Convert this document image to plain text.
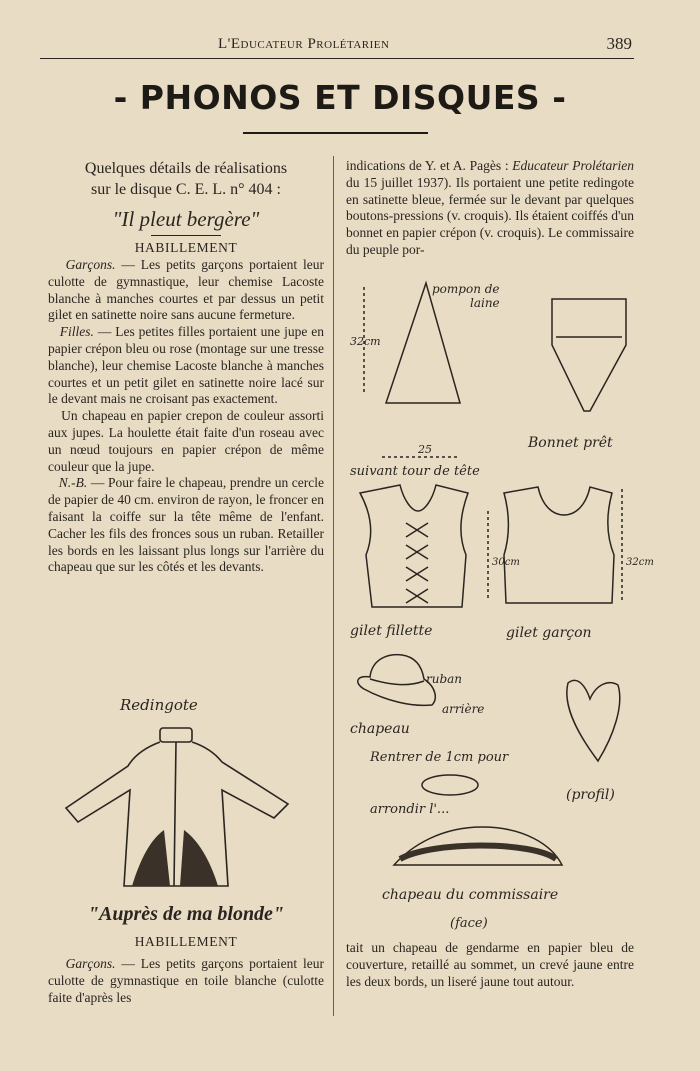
L'Educateur Prolétarien	389
- PHONOS ET DISQUES -

Quelques détails de réalisations
sur le disque C. E. L. n° 404 :

"Il pleut bergère"

HABILLEMENT

Garçons. — Les petits garçons portaient leur culotte de gymnastique, leur chemise Lacoste blanche à manches courtes et par dessus un petit gilet en satinette noire sans aucune fermeture.

Filles. — Les petites filles portaient une jupe en papier crépon bleu ou rose (montage sur une tresse blanche), leur chemise Lacoste blanche à manches courtes et un petit gilet en satinette noire lacé sur le devant mais ne croisant pas exactement.

Un chapeau en papier crepon de couleur assorti aux jupes. La houlette était faite d'un roseau avec un nœud toujours en papier crépon de même couleur que la jupe.

N.-B. — Pour faire le chapeau, prendre un cercle de papier de 40 cm. environ de rayon, le froncer en faisant la coiffe sur la tête même de l'enfant. Cacher les fils des fronces sous un ruban. Retailler les bords en les laissant plus longs sur l'arrière du chapeau que sur les côtés et les devants.

Redingote
"Auprès de ma blonde"
HABILLEMENT

Garçons. — Les petits garçons portaient leur culotte de gymnastique en toile blanche (culotte faite d'après les

indications de Y. et A. Pagès : Educateur Prolétarien du 15 juillet 1937). Ils portaient une petite redingote en satinette bleue, fermée sur le devant par quelques boutons-pressions (v. croquis). Ils étaient coiffés d'un bonnet en papier crépon (v. croquis). Le commissaire du peuple por-

pompon de
laine
32cm
25
suivant tour de tête
Bonnet prêt
gilet fillette	gilet garçon
30cm	32cm
ruban
arrière
chapeau
Rentrer de 1cm pour
arrondir l'...
(profil)
chapeau du commissaire
(face)

tait un chapeau de gendarme en papier bleu de couverture, retaillé au sommet, un crevé jaune entre les deux bords, un liseré jaune tout autour.
